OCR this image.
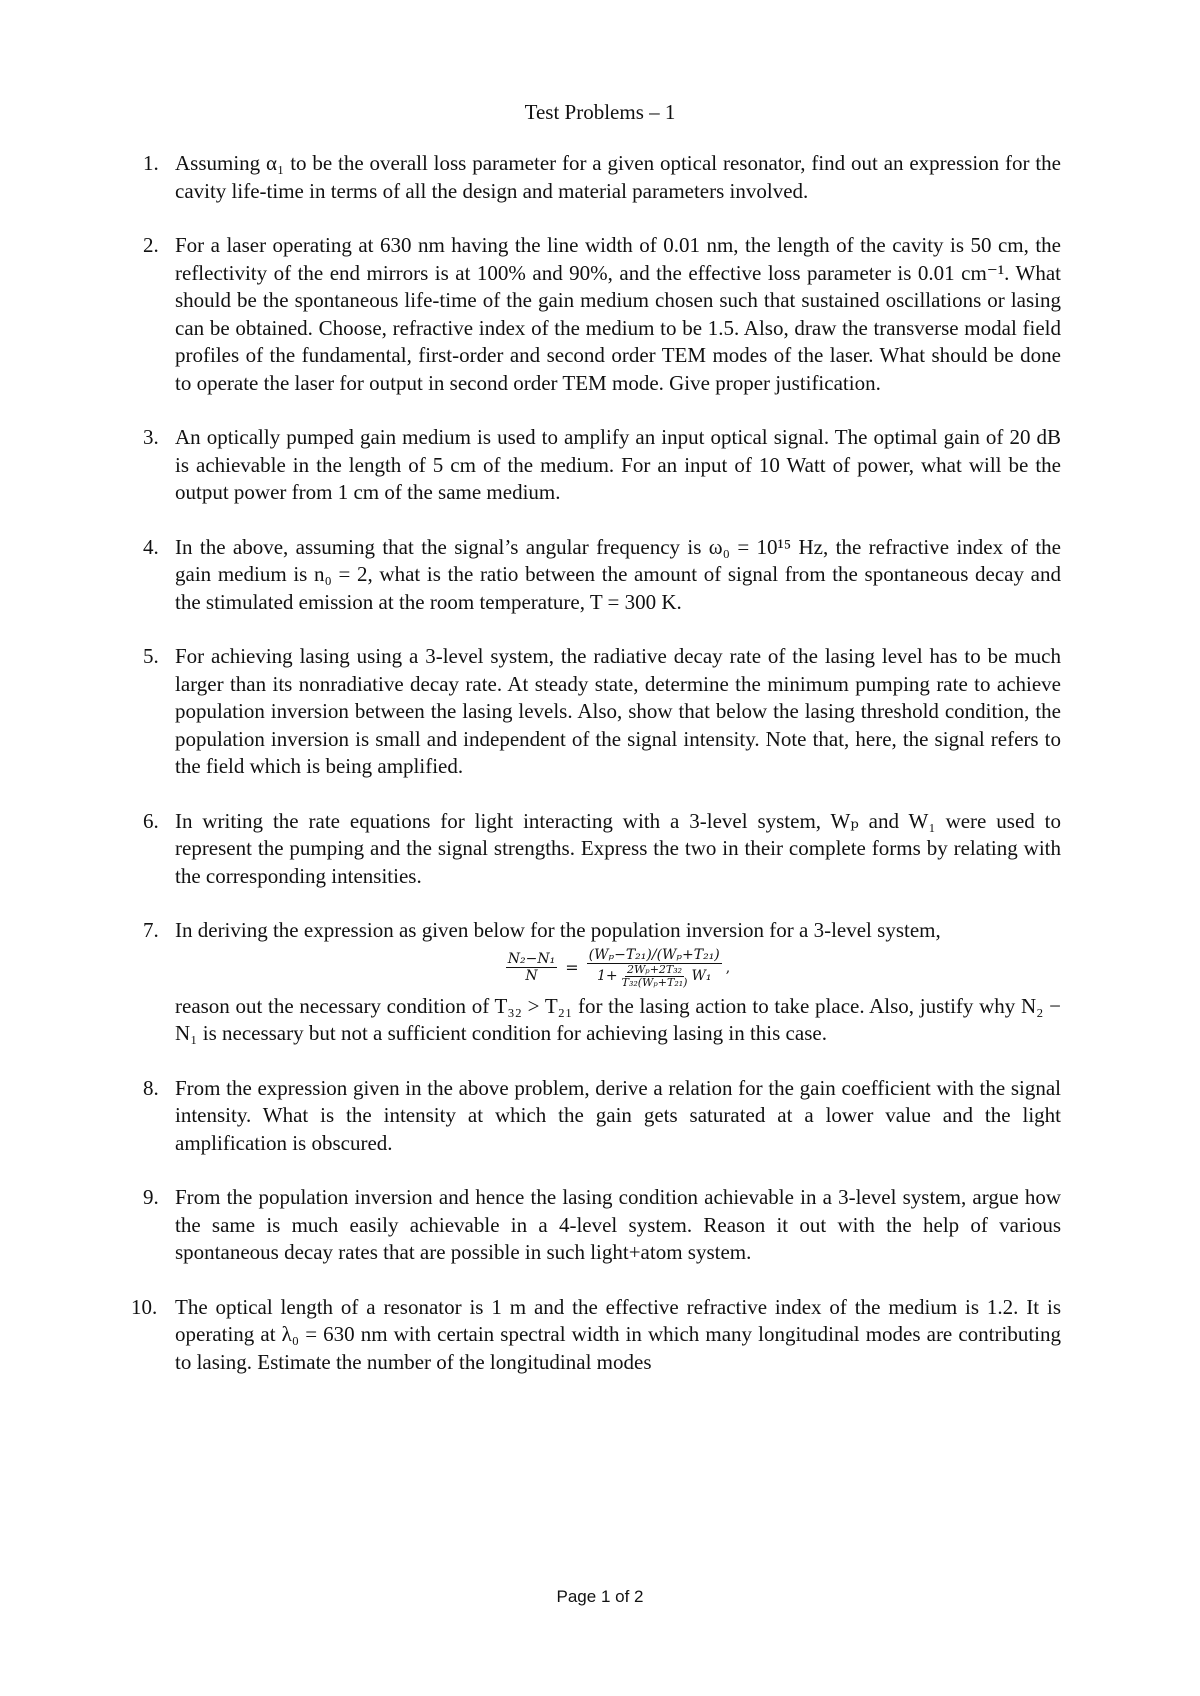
Test Problems – 1
1. Assuming α₁ to be the overall loss parameter for a given optical resonator, find out an expression for the cavity life-time in terms of all the design and material parameters involved.
2. For a laser operating at 630 nm having the line width of 0.01 nm, the length of the cavity is 50 cm, the reflectivity of the end mirrors is at 100% and 90%, and the effective loss parameter is 0.01 cm⁻¹. What should be the spontaneous life-time of the gain medium chosen such that sustained oscillations or lasing can be obtained. Choose, refractive index of the medium to be 1.5. Also, draw the transverse modal field profiles of the fundamental, first-order and second order TEM modes of the laser. What should be done to operate the laser for output in second order TEM mode. Give proper justification.
3. An optically pumped gain medium is used to amplify an input optical signal. The optimal gain of 20 dB is achievable in the length of 5 cm of the medium. For an input of 10 Watt of power, what will be the output power from 1 cm of the same medium.
4. In the above, assuming that the signal’s angular frequency is ω₀ = 10¹⁵ Hz, the refractive index of the gain medium is n₀ = 2, what is the ratio between the amount of signal from the spontaneous decay and the stimulated emission at the room temperature, T = 300 K.
5. For achieving lasing using a 3-level system, the radiative decay rate of the lasing level has to be much larger than its nonradiative decay rate. At steady state, determine the minimum pumping rate to achieve population inversion between the lasing levels. Also, show that below the lasing threshold condition, the population inversion is small and independent of the signal intensity. Note that, here, the signal refers to the field which is being amplified.
6. In writing the rate equations for light interacting with a 3-level system, Wₚ and W₁ were used to represent the pumping and the signal strengths. Express the two in their complete forms by relating with the corresponding intensities.
7. In deriving the expression as given below for the population inversion for a 3-level system,
$\frac{\text{N₂−N₁}}{N}$ =
(Wₚ−T₂₁)/(Wₚ+T₂₁)
$1+ \frac{\text{2Wₚ+2T₃₂}}{\text{T₃₂(Wₚ+T₂₁)}} W_1$
,
reason out the necessary condition of T₃₂ > T₂₁ for the lasing action to take place. Also, justify why N₂ − N₁ is necessary but not a sufficient condition for achieving lasing in this case.
8. From the expression given in the above problem, derive a relation for the gain coefficient with the signal intensity. What is the intensity at which the gain gets saturated at a lower value and the light amplification is obscured.
9. From the population inversion and hence the lasing condition achievable in a 3-level system, argue how the same is much easily achievable in a 4-level system. Reason it out with the help of various spontaneous decay rates that are possible in such light+atom system.
10. The optical length of a resonator is 1 m and the effective refractive index of the medium is 1.2. It is operating at λ₀ = 630 nm with certain spectral width in which many longitudinal modes are contributing to lasing. Estimate the number of the longitudinal modes
Page 1 of 2
